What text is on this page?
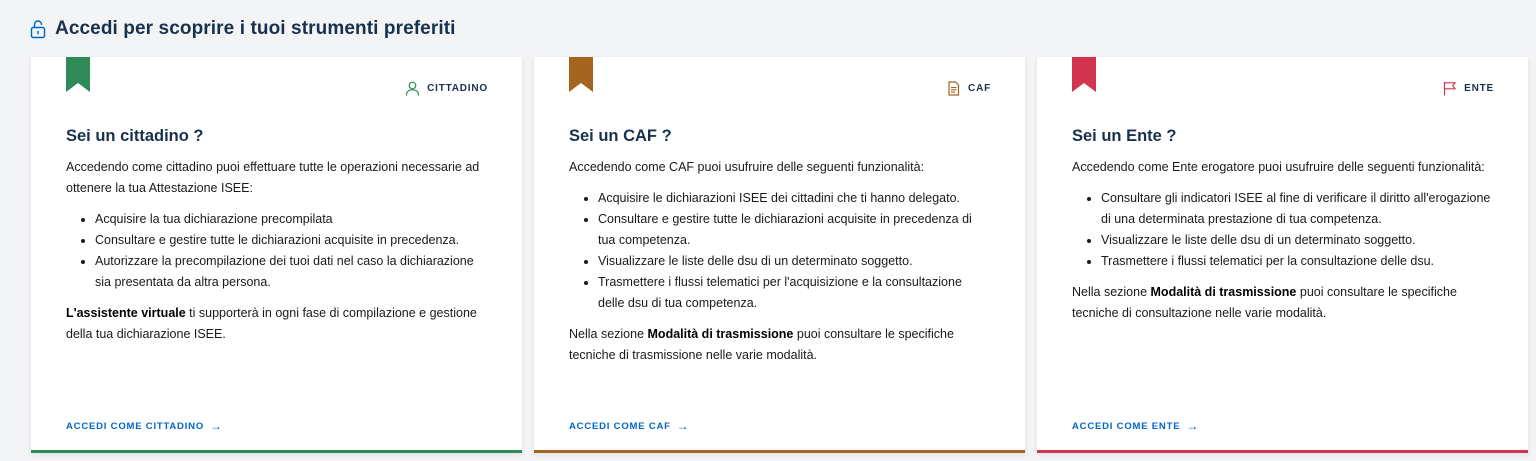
Accedi per scoprire i tuoi strumenti preferiti
CITTADINO
Sei un cittadino ?

Accedendo come cittadino puoi effettuare tutte le operazioni necessarie ad ottenere la tua Attestazione ISEE:

• Acquisire la tua dichiarazione precompilata
• Consultare e gestire tutte le dichiarazioni acquisite in precedenza.
• Autorizzare la precompilazione dei tuoi dati nel caso la dichiarazione sia presentata da altra persona.

L'assistente virtuale ti supporterà in ogni fase di compilazione e gestione della tua dichiarazione ISEE.

ACCEDI COME CITTADINO →
CAF
Sei un CAF ?

Accedendo come CAF puoi usufruire delle seguenti funzionalità:

• Acquisire le dichiarazioni ISEE dei cittadini che ti hanno delegato.
• Consultare e gestire tutte le dichiarazioni acquisite in precedenza di tua competenza.
• Visualizzare le liste delle dsu di un determinato soggetto.
• Trasmettere i flussi telematici per l'acquisizione e la consultazione delle dsu di tua competenza.

Nella sezione Modalità di trasmissione puoi consultare le specifiche tecniche di trasmissione nelle varie modalità.

ACCEDI COME CAF →
ENTE
Sei un Ente ?

Accedendo come Ente erogatore puoi usufruire delle seguenti funzionalità:

• Consultare gli indicatori ISEE al fine di verificare il diritto all'erogazione di una determinata prestazione di tua competenza.
• Visualizzare le liste delle dsu di un determinato soggetto.
• Trasmettere i flussi telematici per la consultazione delle dsu.

Nella sezione Modalità di trasmissione puoi consultare le specifiche tecniche di consultazione nelle varie modalità.

ACCEDI COME ENTE →
